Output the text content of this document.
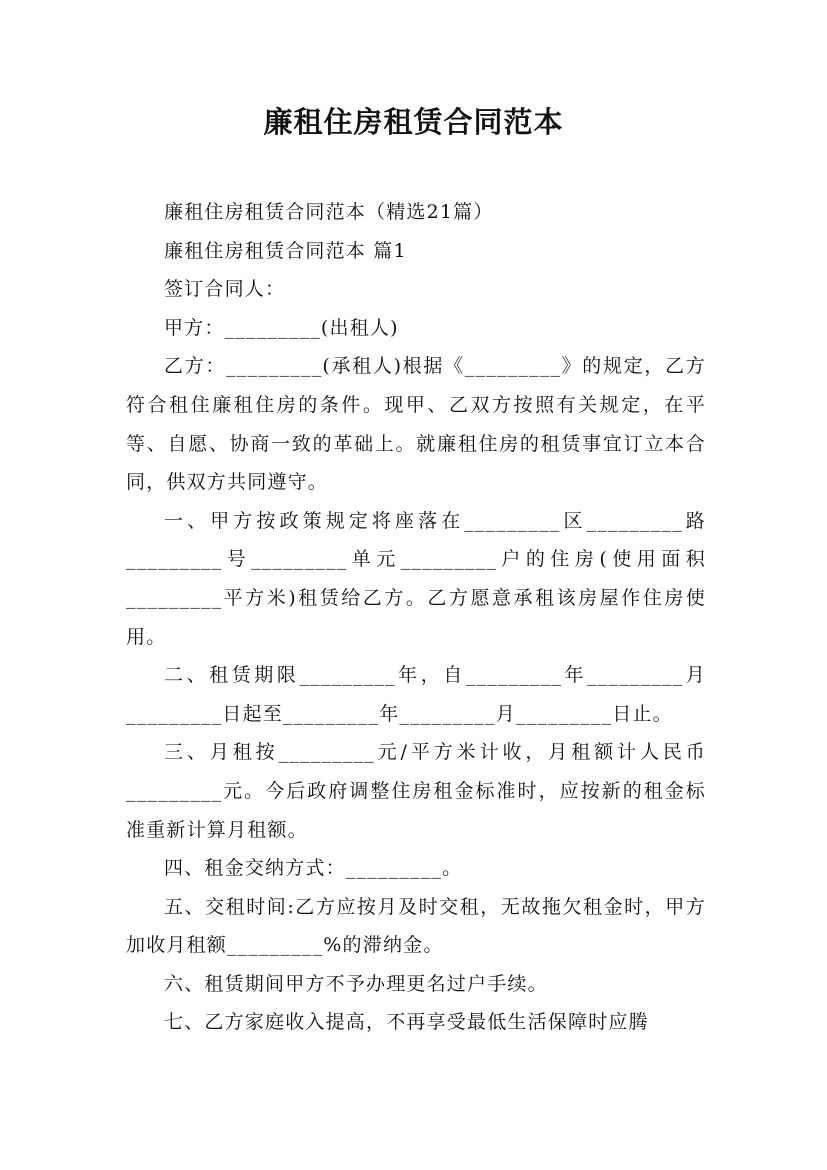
廉租住房租赁合同范本

廉租住房租赁合同范本（精选21篇）

廉租住房租赁合同范本 篇1

签订合同人：

甲方：_________(出租人)

乙方：_________(承租人)根据《_________》的规定，乙方符合租住廉租住房的条件。现甲、乙双方按照有关规定，在平等、自愿、协商一致的革础上。就廉租住房的租赁事宜订立本合同，供双方共同遵守。

一、甲方按政策规定将座落在_________区_________路_________号_________单元_________户的住房(使用面积_________平方米)租赁给乙方。乙方愿意承租该房屋作住房使用。

二、租赁期限_________年，自_________年_________月_________日起至_________年_________月_________日止。

三、月租按_________元/平方米计收，月租额计人民币_________元。今后政府调整住房租金标准时，应按新的租金标准重新计算月租额。

四、租金交纳方式：_________。

五、交租时间:乙方应按月及时交租，无故拖欠租金时，甲方加收月租额_________%的滞纳金。

六、租赁期间甲方不予办理更名过户手续。

七、乙方家庭收入提高，不再享受最低生活保障时应腾
